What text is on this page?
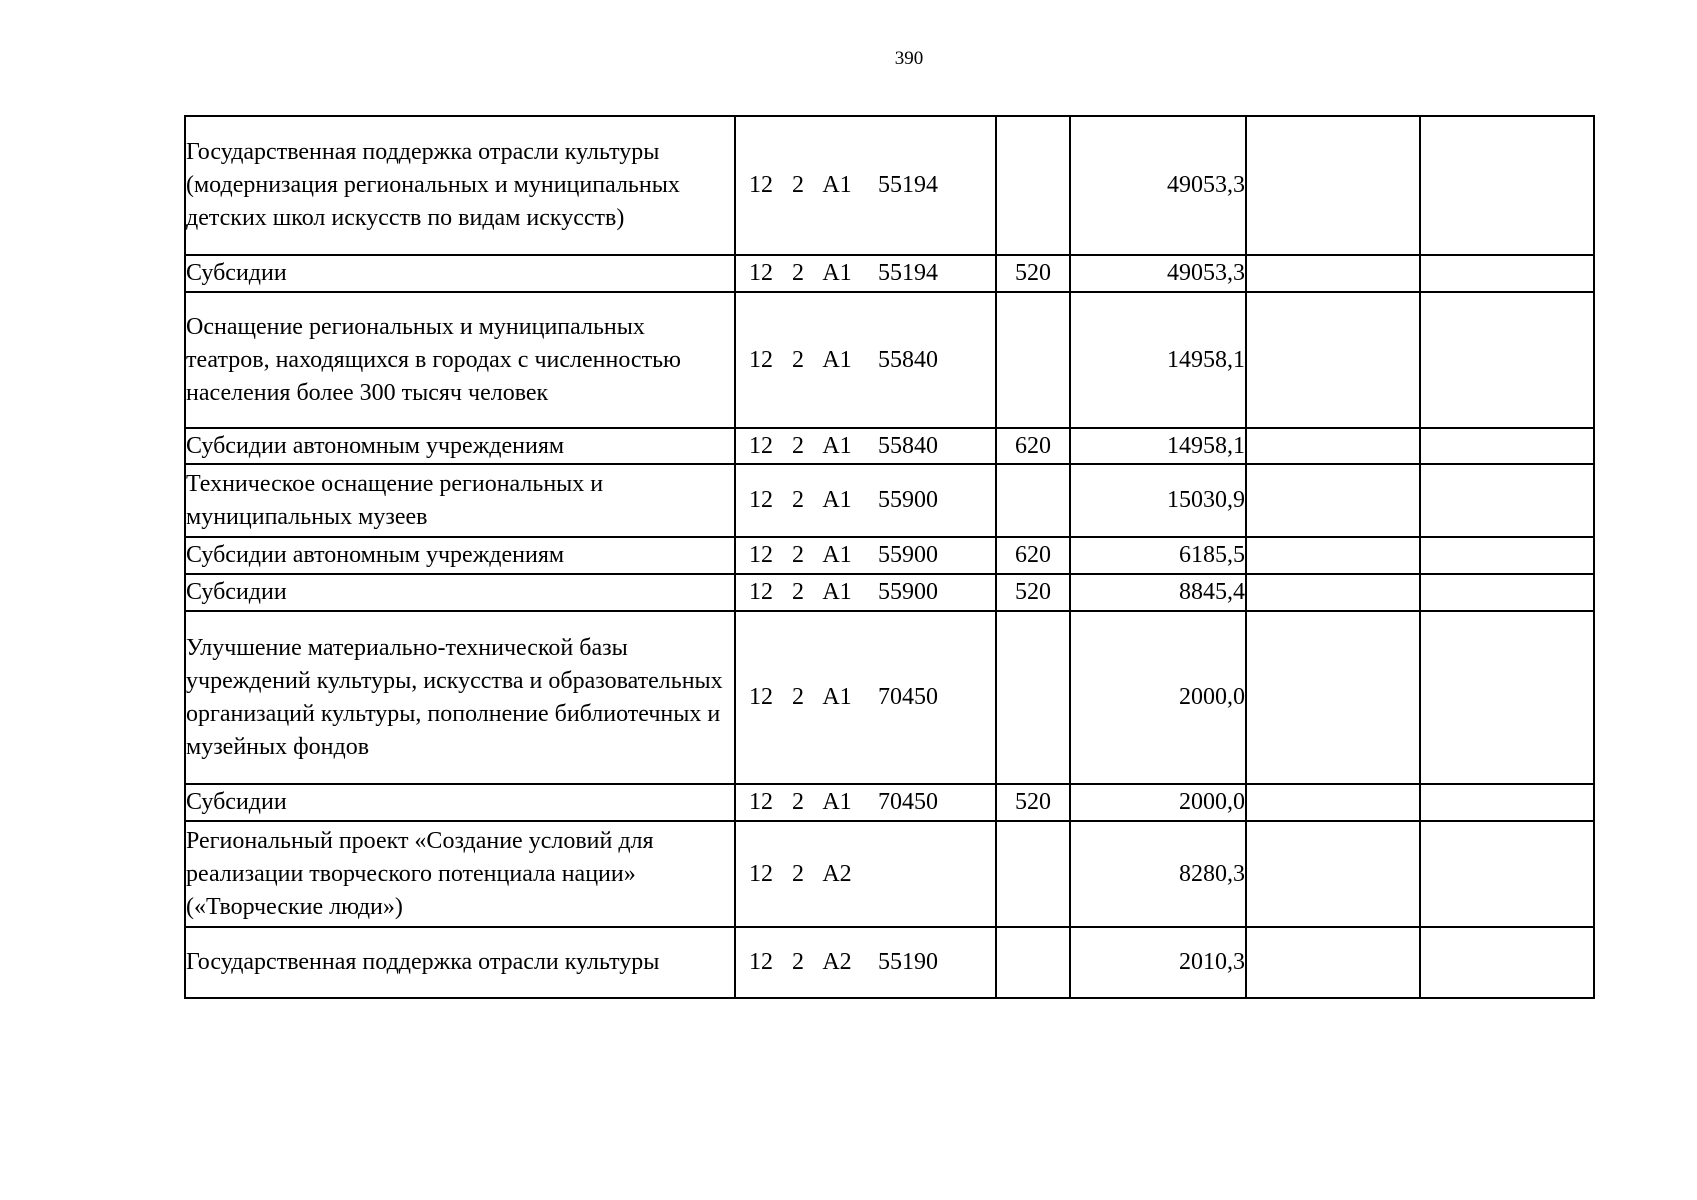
390
Государственная поддержка отрасли культуры (модернизация региональных и муниципальных детских школ искусств по видам искусств)	12 2 А1 55194		49053,3		
Субсидии	12 2 А1 55194	520	49053,3		
Оснащение региональных и муниципальных театров, находящихся в городах с численностью населения более 300 тысяч человек	12 2 А1 55840		14958,1		
Субсидии автономным учреждениям	12 2 А1 55840	620	14958,1		
Техническое оснащение региональных и муниципальных музеев	12 2 А1 55900		15030,9		
Субсидии автономным учреждениям	12 2 А1 55900	620	6185,5		
Субсидии	12 2 А1 55900	520	8845,4		
Улучшение материально-технической базы учреждений культуры, искусства и образовательных организаций культуры, пополнение библиотечных и музейных фондов	12 2 А1 70450		2000,0		
Субсидии	12 2 А1 70450	520	2000,0		
Региональный проект «Создание условий для реализации творческого потенциала нации» («Творческие люди»)	12 2 А2		8280,3		
Государственная поддержка отрасли культуры	12 2 А2 55190		2010,3		
